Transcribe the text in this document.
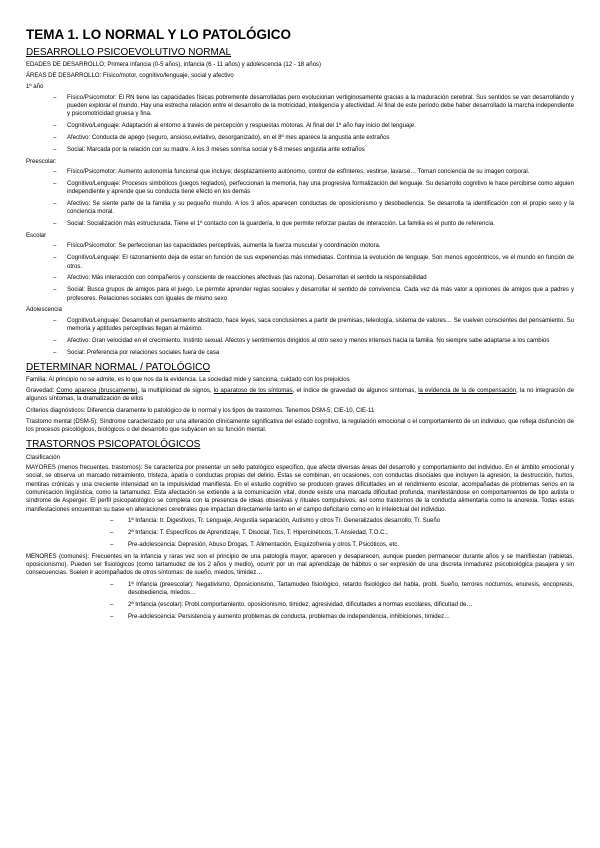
TEMA 1. LO NORMAL Y LO PATOLÓGICO
DESARROLLO PSICOEVOLUTIVO NORMAL

EDADES DE DESARROLLO; Primera infancia (0-5 años), infancia (6 - 11 años) y adolescencia (12 - 18 años)

ÁREAS DE DESARROLLO: Físico/motor, cognitivo/lenguaje, social y afectivo

1º año

– Físico/Psicomotor: El RN tiene las capacidades físicas pobremente desarrolladas pero evolucionan vertiginosamente gracias a la maduración cerebral. Sus sentidos se van desarrollando y pueden explorar el mundo. Hay una estrecha relación entre el desarrollo de la motricidad, inteligencia y afectividad. Al final de este periodo debe haber desarrollado la marcha independiente y psicomotricidad gruesa y fina.
– Cognitivo/Lenguaje: Adaptación al entorno a través de percepción y respuestas motoras. Al final del 1º año hay inicio del lenguaje.
– Afectivo: Conducta de apego (seguro, ansioso,evitativo, desorganizado), en el 8º mes aparece la angustia ante extraños
– Social: Marcada por la relación con su madre. A los 3 meses sonrisa social y 6-8 meses angustia ante extraños

Preescolar:

– Físico/Psicomotor: Aumento autonomía funcional que incluye; desplazamiento autónomo, control de esfínteres, vestirse, lavarse… Toman conciencia de su imagen corporal.
– Cognitivo/Lenguaje: Procesos simbólicos (juegos reglados), perfeccionan la memoria, hay una progresiva formalización del lenguaje. Su desarrollo cognitivo le hace percibirse como alguien independiente y aprende que su conducta tiene efecto en los demás
– Afectivo: Se siente parte de la familia y su pequeño mundo. A los 3 años aparecen conductas de oposicionismo y desobediencia. Se desarrolla la identificación con el propio sexo y la conciencia moral.
– Social: Socialización más estructurada. Tiene el 1º contacto con la guardería, lo que permite reforzar pautas de interacción. La familia es el punto de referencia.

Escolar

– Físico/Psicomotor: Se perfeccionan las capacidades perceptivas, aumenta la fuerza muscular y coordinación motora.
– Cognitivo/Lenguaje: El razonamiento deja de estar en función de sus experiencias más inmediatas. Continúa la evolución de lenguaje. Son menos egocéntricos, ve el mundo en función de otros.
– Afectivo: Más interacción con compañeros y consciente de reacciones afectivas (las razona). Desarrollan el sentido la responsabilidad
– Social: Busca grupos de amigos para el juego. Le permite aprender reglas sociales y desarrollar el sentido de convivencia. Cada vez da más valor a opiniones de amigos que a padres y profesores. Relaciones sociales con iguales de mismo sexo

Adolescencia

– Cognitivo/Lenguaje: Desarrollan el pensamiento abstracto, hace leyes, saca conclusiones a partir de premisas, teleología, sistema de valores… Se vuelven conscientes del pensamiento. Su memoria y aptitudes perceptivas llegan al máximo.
– Afectivo: Gran velocidad en el crecimiento. Instinto sexual. Afectos y sentimientos dirigidos al otro sexo y menos intensos hacia la familia. No siempre sabe adaptarse a los cambios
– Social: Preferencia por relaciones sociales fuera de casa
DETERMINAR NORMAL / PATOLÓGICO

Familia: Al principio no se admite, es lo que nos da la evidencia. La sociedad mide y sanciona, cuidado con los prejuicios

Gravedad: Como aparece (bruscamente), la multiplicidad de signos, lo aparatoso de los síntomas, el índice de gravedad de algunos síntomas, la evidencia de la de compensación, la no integración de algunos síntomas, la dramatización de ellos

Criterios diagnósticos: Diferencia claramente lo patológico de lo normal y los tipos de trastornos. Tenemos DSM-5; CIE-10, CIE-11

Trastorno mental (DSM-5): Síndrome caracterizado por una alteración clínicamente significativa del estado cognitivo, la regulación emocional o el comportamiento de un individuo, que refleja disfunción de los procesos psicológicos, biológicos o del desarrollo que subyacen en su función mental.

TRASTORNOS PSICOPATOLÓGICOS

Clasificación

MAYORES (menos frecuentes, trastornos): Se caracteriza por presentar un sello patológico específico, que afecta diversas áreas del desarrollo y comportamiento del individuo. En el ámbito emocional y social, se observa un marcado retraimiento, tristeza, apatía o conductas propias del delirio. Estas se combinan, en ocasiones, con conductas disociales que incluyen la agresión, la destrucción, hurtos, mentiras crónicas y una creciente intensidad en la impulsividad manifiesta. En el estudio cognitivo se producen graves dificultades en el rendimiento escolar, acompañadas de problemas serios en la comunicación lingüística, como la tartamudez. Esta afectación se extiende a la comunicación vital, donde existe una marcada dificultad profunda, manifestándose en comportamientos de tipo autista o síndrome de Asperger. El perfil psicopatológico se completa con la presencia de ideas obsesivas y rituales compulsivos, así como trastornos de la conducta alimentaria como la anorexia. Todas estas manifestaciones encuentran su base en alteraciones cerebrales que impactan directamente tanto en el campo deficitario como en lo intelectual del individuo.

– 1ª Infancia: tr. Digestivos, Tr. Lenguaje, Angustia separación, Autismo y otros Tr. Generalizados desarrollo, Tr. Sueño
– 2ª Infancia: T. Específicos de Aprendizaje, T. Disocial, Tics, T. Hipercinéticos, T. Ansiedad, T.O.C.,
– Pre-adolescencia: Depresión, Abuso Drogas, T. Alimentación, Esquizofrenia y otros T. Psicóticos, etc.

MENORES (comunes): Frecuentes en la infancia y raras vez son el principio de una patología mayor, aparecen y desaparecen, aunque pueden permanecer durante años y se manifiestan (rabietas, oposicionismo). Pueden ser fisiológicos (como tartamudez de los 2 años y medio), ocurrir por un mal aprendizaje de hábitos o ser expresión de una discreta inmadurez psicobiológica pasajera y sin consecuencias. Suelen ir acompañados de otros síntomas: de sueño, miedos, timidez…

– 1ª Infancia (preescolar): Negativismo, Oposicionismo, Tartamudeo fisiológico, retardo fisiológico del habla, probl. Sueño, terrores nocturnos, enuresis, encopresis, desobediencia, miedos…
– 2ª Infancia (escolar): Probl.comportamiento, oposicionismo, timidez, agresividad, dificultades a normas escolares, dificultad de…
– Pre-adolescencia: Persistencia y aumento problemas de conducta, problemas de independencia, inhibiciones, timidez…
